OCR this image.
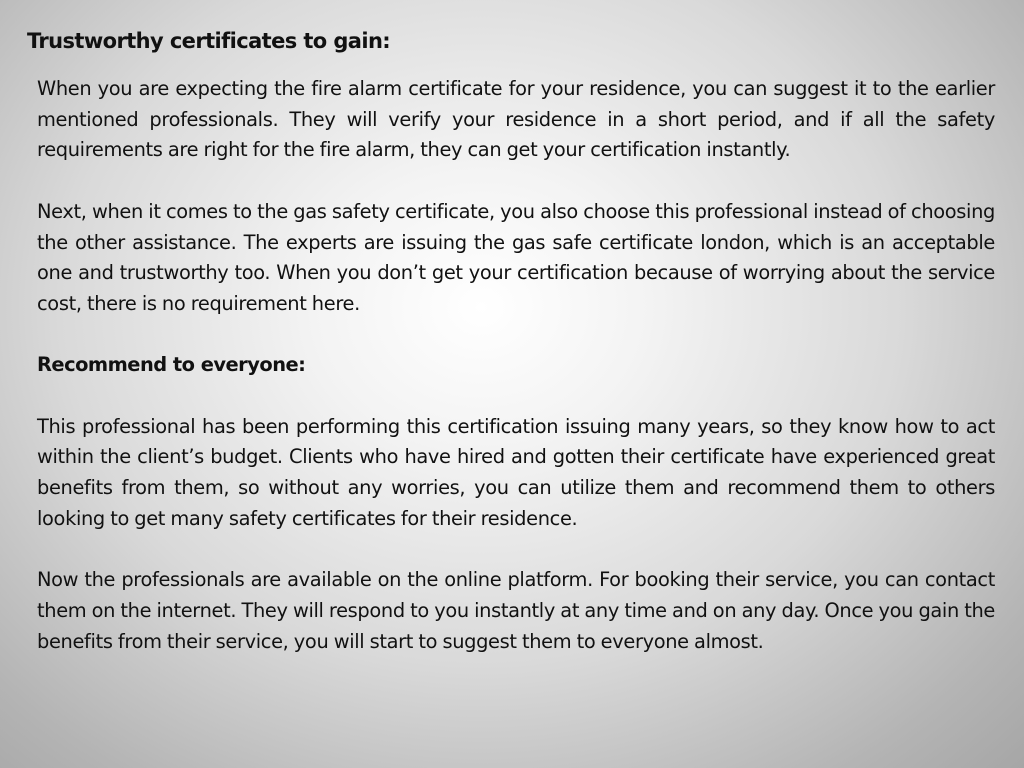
Trustworthy certificates to gain:

When you are expecting the fire alarm certificate for your residence, you can suggest it to the earlier mentioned professionals. They will verify your residence in a short period, and if all the safety requirements are right for the fire alarm, they can get your certification instantly.

Next, when it comes to the gas safety certificate, you also choose this professional instead of choosing the other assistance. The experts are issuing the gas safe certificate london, which is an acceptable one and trustworthy too. When you don’t get your certification because of worrying about the service cost, there is no requirement here.

Recommend to everyone:

This professional has been performing this certification issuing many years, so they know how to act within the client’s budget. Clients who have hired and gotten their certificate have experienced great benefits from them, so without any worries, you can utilize them and recommend them to others looking to get many safety certificates for their residence.

Now the professionals are available on the online platform. For booking their service, you can contact them on the internet. They will respond to you instantly at any time and on any day. Once you gain the benefits from their service, you will start to suggest them to everyone almost.
